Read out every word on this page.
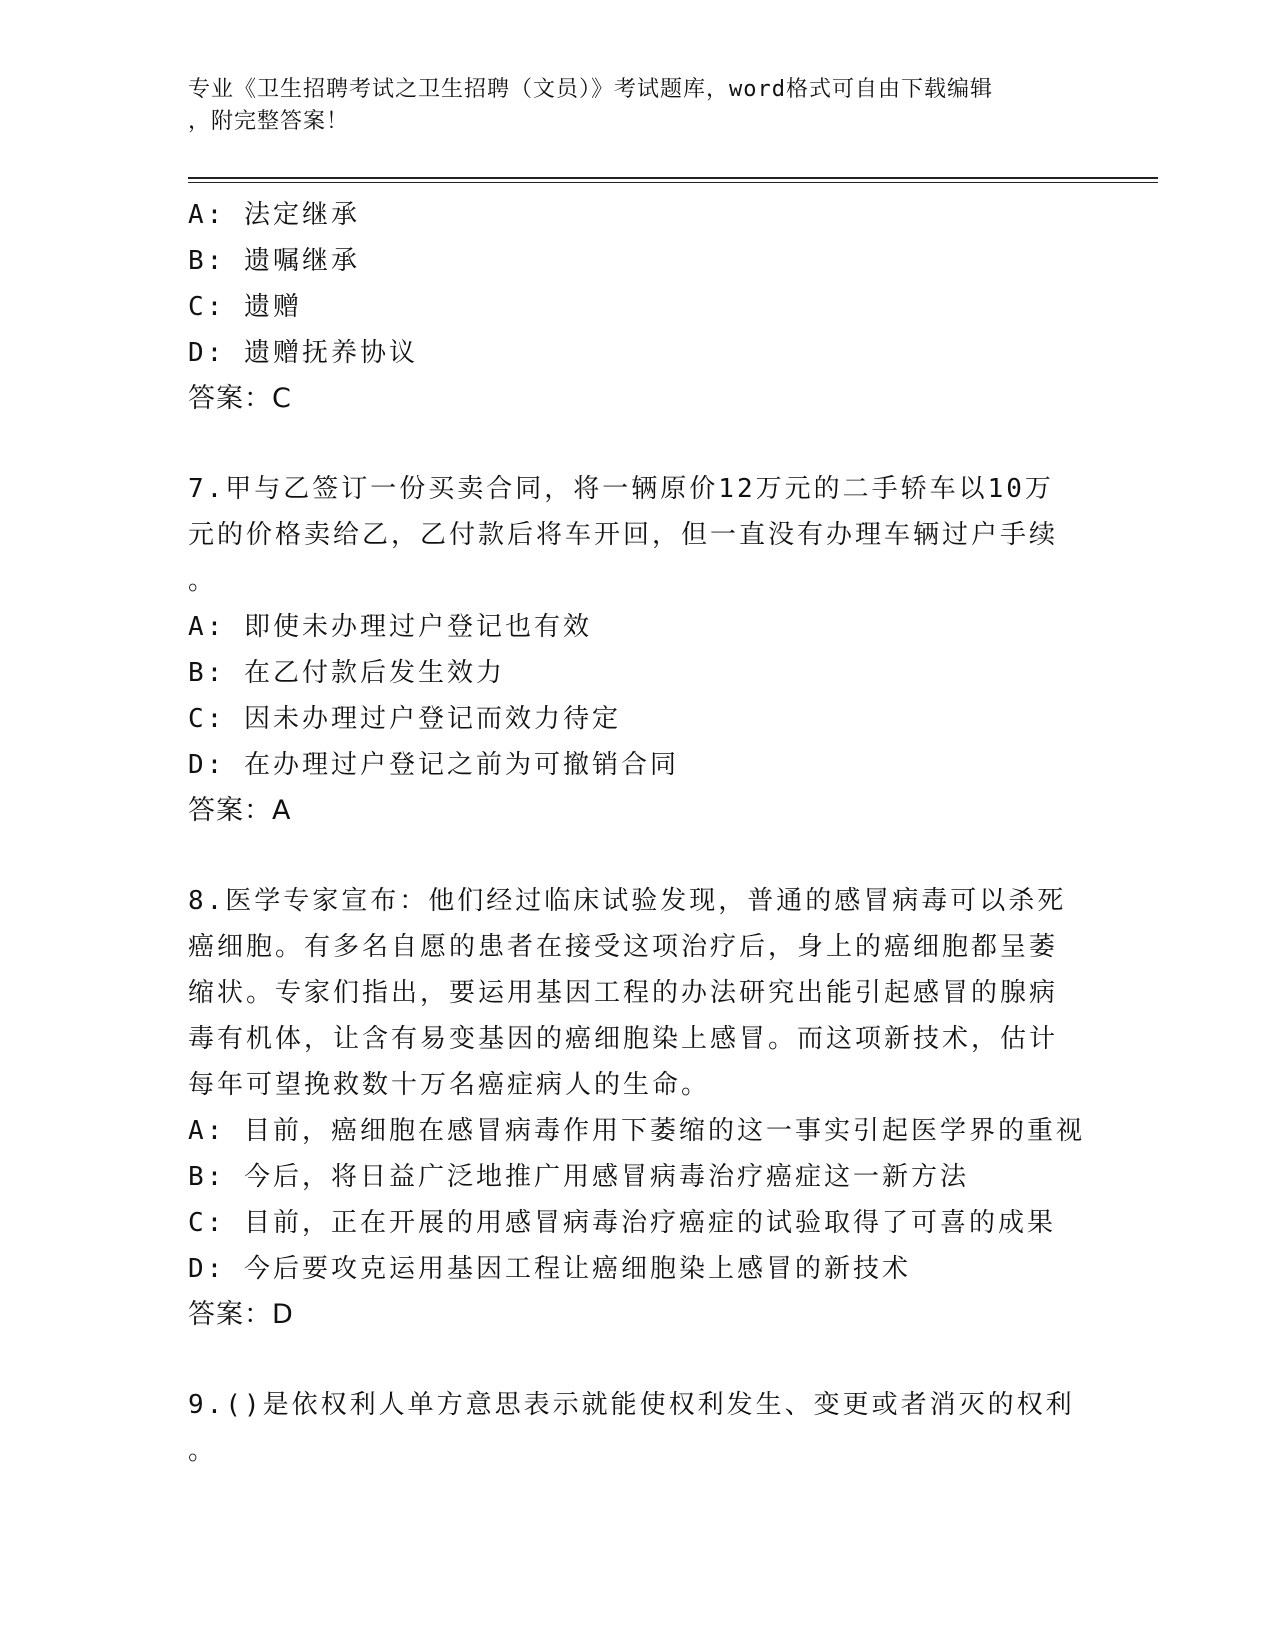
专业《卫生招聘考试之卫生招聘（文员）》考试题库，word格式可自由下载编辑
，附完整答案！
A: 法定继承
B: 遗嘱继承
C: 遗赠
D: 遗赠抚养协议
答案：C
7.甲与乙签订一份买卖合同，将一辆原价12万元的二手轿车以10万
元的价格卖给乙，乙付款后将车开回，但一直没有办理车辆过户手续
。
A: 即使未办理过户登记也有效
B: 在乙付款后发生效力
C: 因未办理过户登记而效力待定
D: 在办理过户登记之前为可撤销合同
答案：A
8.医学专家宣布：他们经过临床试验发现，普通的感冒病毒可以杀死
癌细胞。有多名自愿的患者在接受这项治疗后，身上的癌细胞都呈萎
缩状。专家们指出，要运用基因工程的办法研究出能引起感冒的腺病
毒有机体，让含有易变基因的癌细胞染上感冒。而这项新技术，估计
每年可望挽救数十万名癌症病人的生命。
A: 目前，癌细胞在感冒病毒作用下萎缩的这一事实引起医学界的重视
B: 今后，将日益广泛地推广用感冒病毒治疗癌症这一新方法
C: 目前，正在开展的用感冒病毒治疗癌症的试验取得了可喜的成果
D: 今后要攻克运用基因工程让癌细胞染上感冒的新技术
答案：D
9.()是依权利人单方意思表示就能使权利发生、变更或者消灭的权利
。
